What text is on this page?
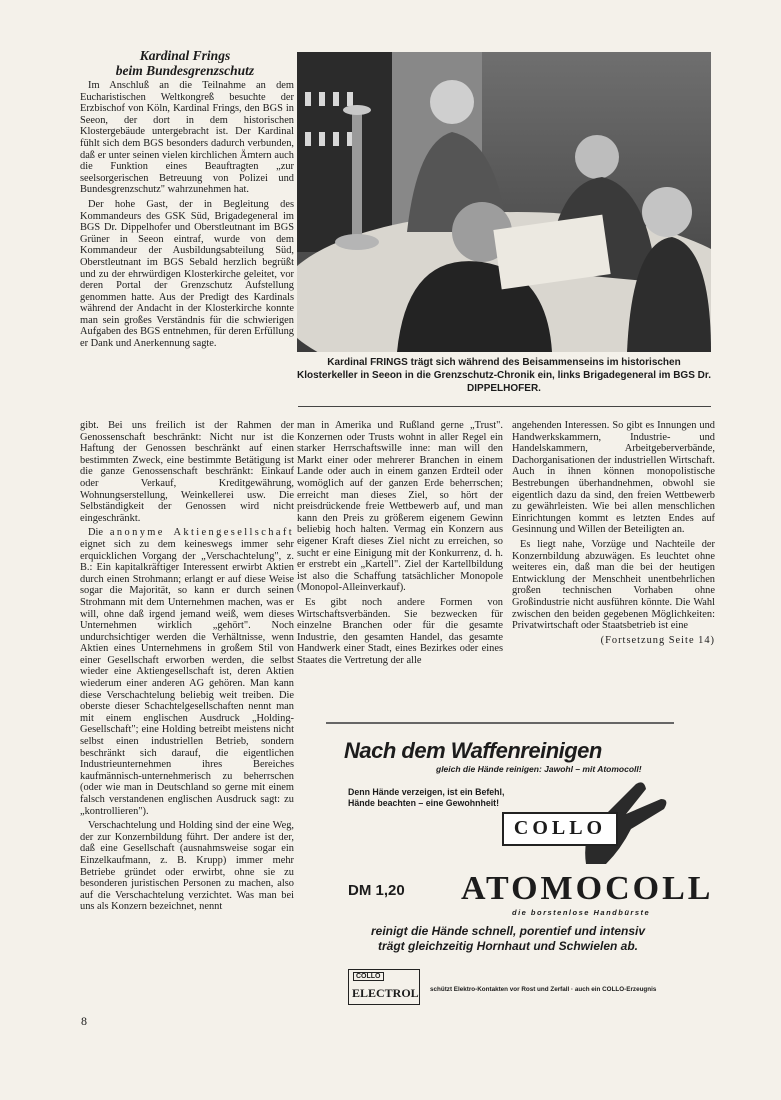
Kardinal Frings
beim Bundesgrenzschutz

Im Anschluß an die Teilnahme an dem Eucharistischen Weltkongreß besuchte der Erzbischof von Köln, Kardinal Frings, den BGS in Seeon, der dort in dem historischen Klostergebäude untergebracht ist. Der Kardinal fühlt sich dem BGS besonders dadurch verbunden, daß er unter seinen vielen kirchlichen Ämtern auch die Funktion eines Beauftragten „zur seelsorgerischen Betreuung von Polizei und Bundesgrenzschutz" wahrzunehmen hat.

Der hohe Gast, der in Begleitung des Kommandeurs des GSK Süd, Brigadegeneral im BGS Dr. Dippelhofer und Oberstleutnant im BGS Grüner in Seeon eintraf, wurde von dem Kommandeur der Ausbildungsabteilung Süd, Oberstleutnant im BGS Sebald herzlich begrüßt und zu der ehrwürdigen Klosterkirche geleitet, vor deren Portal der Grenzschutz Aufstellung genommen hatte. Aus der Predigt des Kardinals während der Andacht in der Klosterkirche konnte man sein großes Verständnis für die schwierigen Aufgaben des BGS entnehmen, für deren Erfüllung er Dank und Anerkennung sagte.

Kardinal FRINGS trägt sich während des Beisammenseins im historischen Klosterkeller in Seeon in die Grenzschutz-Chronik ein, links Brigadegeneral im BGS Dr. DIPPELHOFER.

gibt. Bei uns freilich ist der Rahmen der Genossenschaft beschränkt: Nicht nur ist die Haftung der Genossen beschränkt auf einen bestimmten Zweck, eine bestimmte Betätigung ist die ganze Genossenschaft beschränkt: Einkauf oder Verkauf, Kreditgewährung, Wohnungserstellung, Weinkellerei usw. Die Selbständigkeit der Genossen wird nicht eingeschränkt.

Die anonyme Aktiengesellschaft eignet sich zu dem keineswegs immer sehr erquicklichen Vorgang der „Verschachtelung", z. B.: Ein kapitalkräftiger Interessent erwirbt Aktien durch einen Strohmann; erlangt er auf diese Weise sogar die Majorität, so kann er durch seinen Strohmann mit dem Unternehmen machen, was er will, ohne daß irgend jemand weiß, wem dieses Unternehmen wirklich „gehört". Noch undurchsichtiger werden die Verhältnisse, wenn Aktien eines Unternehmens in großem Stil von einer Gesellschaft erworben werden, die selbst wieder eine Aktiengesellschaft ist, deren Aktien wiederum einer anderen AG gehören. Man kann diese Verschachtelung beliebig weit treiben. Die oberste dieser Schachtelgesellschaften nennt man mit einem englischen Ausdruck „Holding-Gesellschaft"; eine Holding betreibt meistens nicht selbst einen industriellen Betrieb, sondern beschränkt sich darauf, die eigentlichen Industrieunternehmen ihres Bereiches kaufmännisch-unternehmerisch zu beherrschen (oder wie man in Deutschland so gerne mit einem falsch verstandenen englischen Ausdruck sagt: zu „kontrollieren").

Verschachtelung und Holding sind der eine Weg, der zur Konzernbildung führt. Der andere ist der, daß eine Gesellschaft (ausnahmsweise sogar ein Einzelkaufmann, z. B. Krupp) immer mehr Betriebe gründet oder erwirbt, ohne sie zu besonderen juristischen Personen zu machen, also auf die Verschachtelung verzichtet. Was man bei uns als Konzern bezeichnet, nennt

man in Amerika und Rußland gerne „Trust". Konzernen oder Trusts wohnt in aller Regel ein starker Herrschaftswille inne: man will den Markt einer oder mehrerer Branchen in einem Lande oder auch in einem ganzen Erdteil oder womöglich auf der ganzen Erde beherrschen; erreicht man dieses Ziel, so hört der preisdrückende freie Wettbewerb auf, und man kann den Preis zu größerem eigenem Gewinn beliebig hoch halten. Vermag ein Konzern aus eigener Kraft dieses Ziel nicht zu erreichen, so sucht er eine Einigung mit der Konkurrenz, d. h. er erstrebt ein „Kartell". Ziel der Kartellbildung ist also die Schaffung tatsächlicher Monopole (Monopol-Alleinverkauf).

Es gibt noch andere Formen von Wirtschaftsverbänden. Sie bezwecken für einzelne Branchen oder für die gesamte Industrie, den gesamten Handel, das gesamte Handwerk einer Stadt, eines Bezirkes oder eines Staates die Vertretung der alle

angehenden Interessen. So gibt es Innungen und Handwerkskammern, Industrie- und Handelskammern, Arbeitgeberverbände, Dachorganisationen der industriellen Wirtschaft. Auch in ihnen können monopolistische Bestrebungen überhandnehmen, obwohl sie eigentlich dazu da sind, den freien Wettbewerb zu gewährleisten. Wie bei allen menschlichen Einrichtungen kommt es letzten Endes auf Gesinnung und Willen der Beteiligten an.

Es liegt nahe, Vorzüge und Nachteile der Konzernbildung abzuwägen. Es leuchtet ohne weiteres ein, daß man die bei der heutigen Entwicklung der Menschheit unentbehrlichen großen technischen Vorhaben ohne Großindustrie nicht ausführen könnte. Die Wahl zwischen den beiden gegebenen Möglichkeiten: Privatwirtschaft oder Staatsbetrieb ist eine

(Fortsetzung Seite 14)

Nach dem Waffenreinigen
gleich die Hände reinigen: Jawohl – mit Atomocoll!
Denn Hände verzeigen, ist ein Befehl,
Hände beachten – eine Gewohnheit!
COLLO
DM 1,20 ATOMOCOLL
die borstenlose Handbürste
reinigt die Hände schnell, porentief und intensiv
trägt gleichzeitig Hornhaut und Schwielen ab.
COLLO
ELECTROL schützt Elektro-Kontakten vor Rost und Zerfall · auch ein COLLO-Erzeugnis
8
